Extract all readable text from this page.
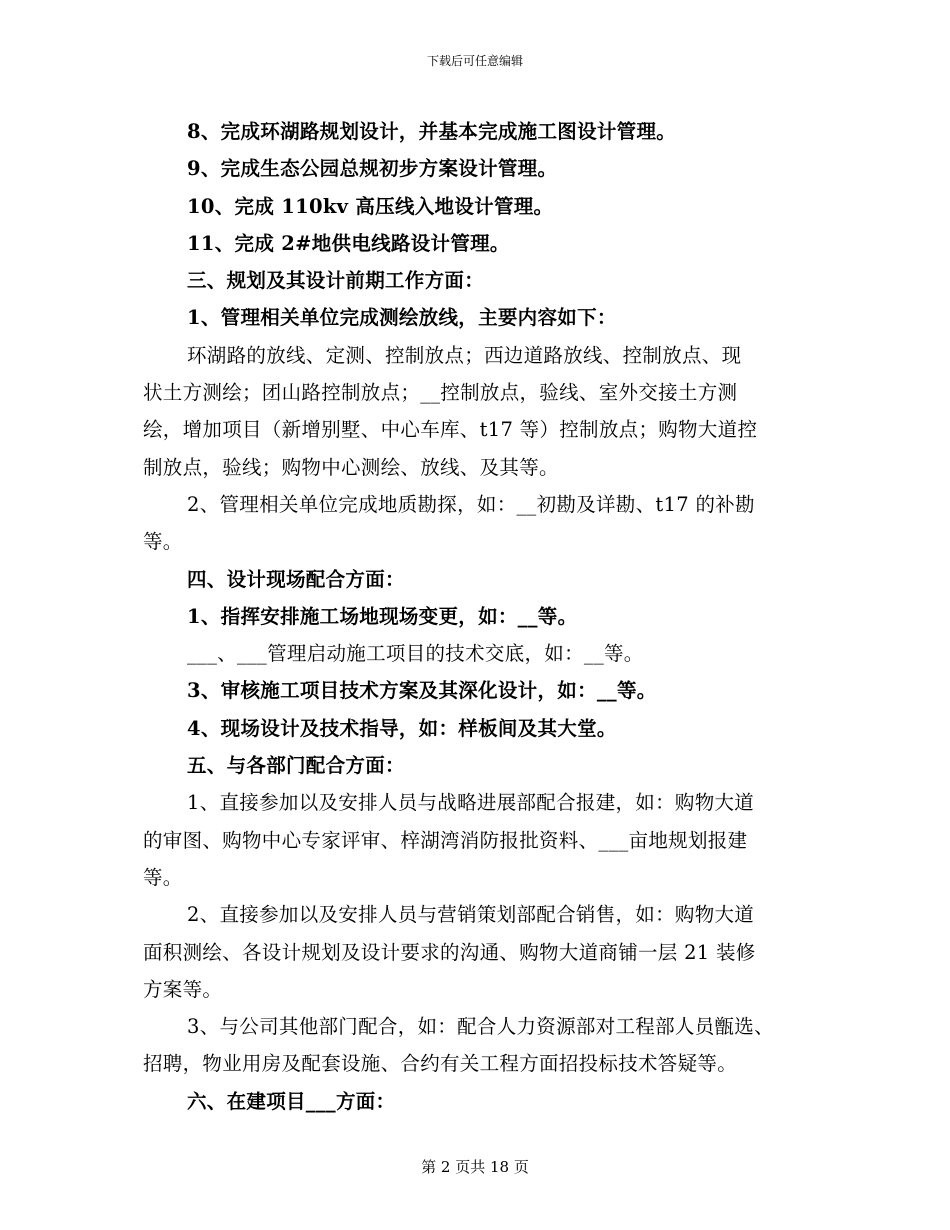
下载后可任意编辑
8、完成环湖路规划设计，并基本完成施工图设计管理。
9、完成生态公园总规初步方案设计管理。
10、完成 110kv 高压线入地设计管理。
11、完成 2#地供电线路设计管理。
三、规划及其设计前期工作方面：
1、管理相关单位完成测绘放线，主要内容如下：
环湖路的放线、定测、控制放点；西边道路放线、控制放点、现
状土方测绘；团山路控制放点；__控制放点，验线、室外交接土方测
绘，增加项目（新增别墅、中心车库、t17 等）控制放点；购物大道控
制放点，验线；购物中心测绘、放线、及其等。
2、管理相关单位完成地质勘探，如：__初勘及详勘、t17 的补勘
等。
四、设计现场配合方面：
1、指挥安排施工场地现场变更，如：__等。
___、___管理启动施工项目的技术交底，如：__等。
3、审核施工项目技术方案及其深化设计，如：__等。
4、现场设计及技术指导，如：样板间及其大堂。
五、与各部门配合方面：
1、直接参加以及安排人员与战略进展部配合报建，如：购物大道
的审图、购物中心专家评审、梓湖湾消防报批资料、___亩地规划报建
等。
2、直接参加以及安排人员与营销策划部配合销售，如：购物大道
面积测绘、各设计规划及设计要求的沟通、购物大道商铺一层 21 装修
方案等。
3、与公司其他部门配合，如：配合人力资源部对工程部人员甑选、
招聘，物业用房及配套设施、合约有关工程方面招投标技术答疑等。
六、在建项目___方面：
第 2 页共 18 页
